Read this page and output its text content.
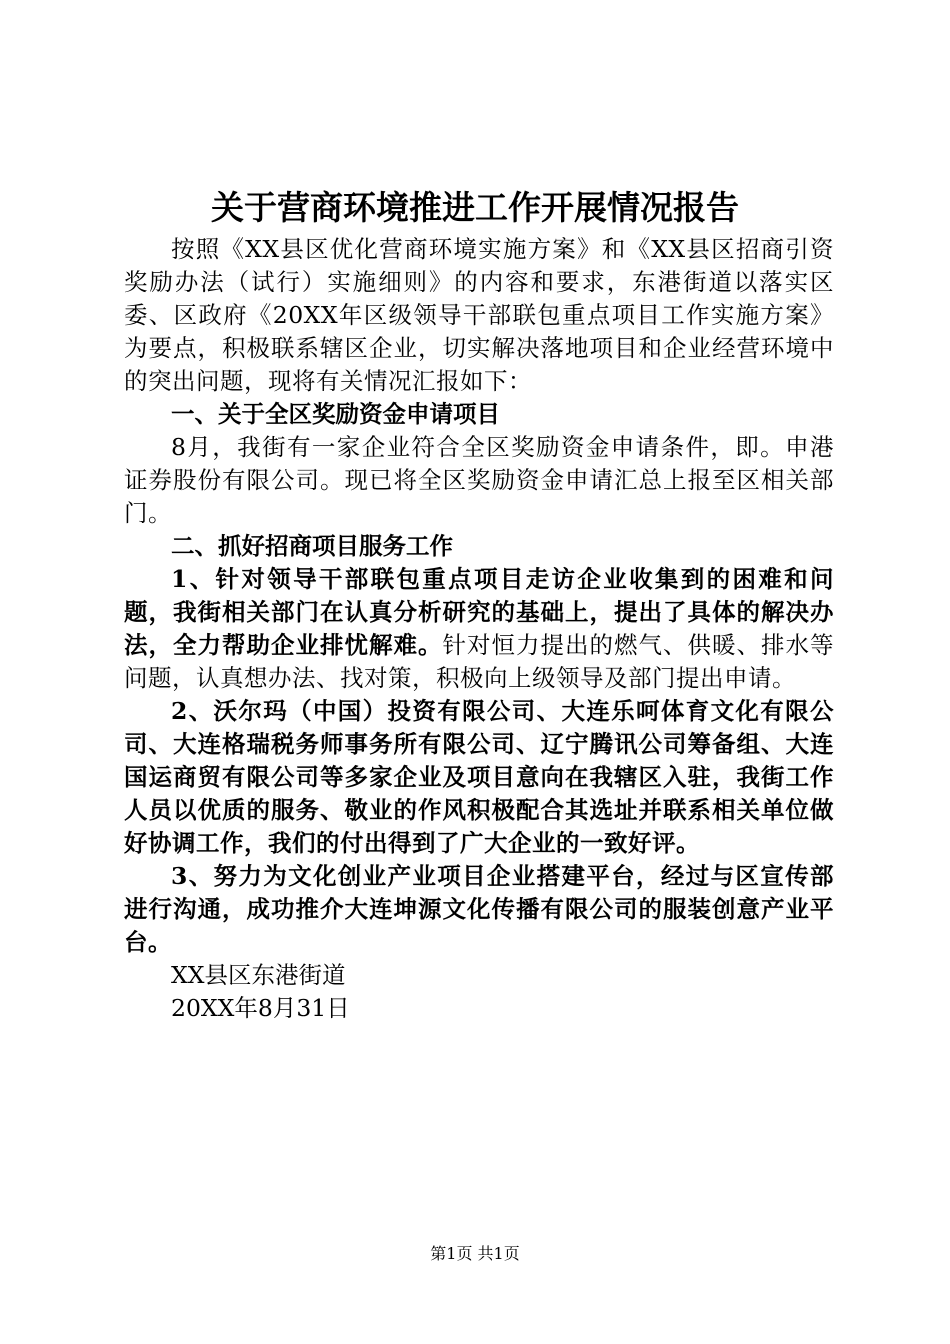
关于营商环境推进工作开展情况报告

按照《XX县区优化营商环境实施方案》和《XX县区招商引资奖励办法（试行）实施细则》的内容和要求，东港街道以落实区委、区政府《20XX年区级领导干部联包重点项目工作实施方案》为要点，积极联系辖区企业，切实解决落地项目和企业经营环境中的突出问题，现将有关情况汇报如下：

一、关于全区奖励资金申请项目

8月，我街有一家企业符合全区奖励资金申请条件，即。申港证券股份有限公司。现已将全区奖励资金申请汇总上报至区相关部门。

二、抓好招商项目服务工作

1、针对领导干部联包重点项目走访企业收集到的困难和问题，我街相关部门在认真分析研究的基础上，提出了具体的解决办法，全力帮助企业排忧解难。针对恒力提出的燃气、供暖、排水等问题，认真想办法、找对策，积极向上级领导及部门提出申请。

2、沃尔玛（中国）投资有限公司、大连乐呵体育文化有限公司、大连格瑞税务师事务所有限公司、辽宁腾讯公司筹备组、大连国运商贸有限公司等多家企业及项目意向在我辖区入驻，我街工作人员以优质的服务、敬业的作风积极配合其选址并联系相关单位做好协调工作，我们的付出得到了广大企业的一致好评。

3、努力为文化创业产业项目企业搭建平台，经过与区宣传部进行沟通，成功推介大连坤源文化传播有限公司的服装创意产业平台。

XX县区东港街道

20XX年8月31日

第1页 共1页
